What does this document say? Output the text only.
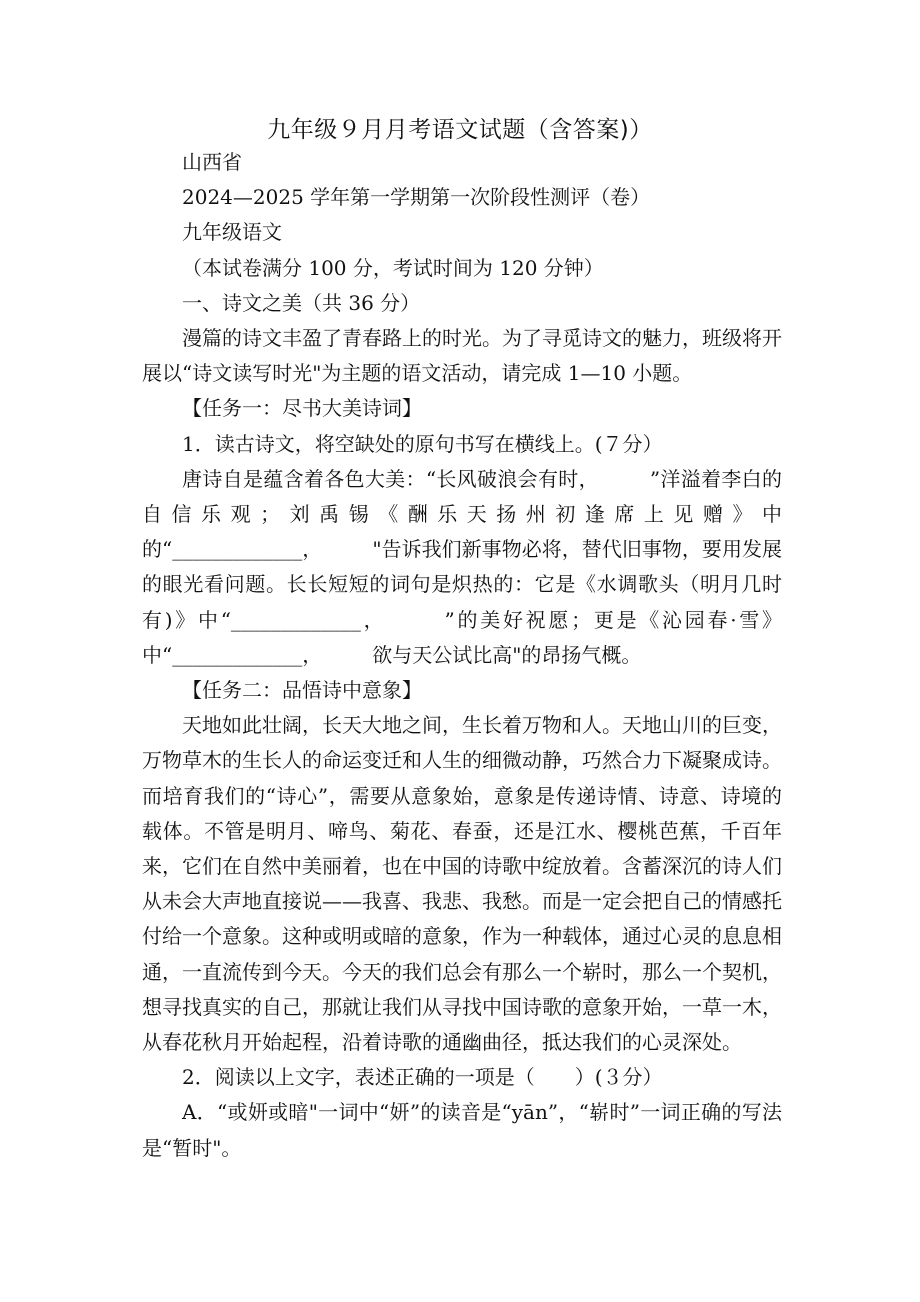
九年级９月月考语文试题（含答案)）

山西省

2024—2025 学年第一学期第一次阶段性测评（卷）

九年级语文

（本试卷满分 100 分，考试时间为 120 分钟）

一、诗文之美（共 36 分）

漫篇的诗文丰盈了青春路上的时光。为了寻觅诗文的魅力，班级将开展以“诗文读写时光"为主题的语文活动，请完成 1—10 小题。

【任务一：尽书大美诗词】

1．读古诗文，将空缺处的原句书写在横线上。(７分）

唐诗自是蕴含着各色大美：“长风破浪会有时，　　　”洋溢着李白的自信乐观；刘禹锡《酬乐天扬州初逢席上见赠》中的“_____________，　　　"告诉我们新事物必将，替代旧事物，要用发展的眼光看问题。长长短短的词句是炽热的：它是《水调歌头（明月几时有)》中“_____________，　　　”的美好祝愿；更是《沁园春·雪》中“_____________，　　　欲与天公试比高"的昂扬气概。

【任务二：品悟诗中意象】

天地如此壮阔，长天大地之间，生长着万物和人。天地山川的巨变，万物草木的生长人的命运变迁和人生的细微动静，巧然合力下凝聚成诗。而培育我们的“诗心”，需要从意象始，意象是传递诗情、诗意、诗境的载体。不管是明月、啼鸟、菊花、春蚕，还是江水、樱桃芭蕉，千百年来，它们在自然中美丽着，也在中国的诗歌中绽放着。含蓄深沉的诗人们从未会大声地直接说——我喜、我悲、我愁。而是一定会把自己的情感托付给一个意象。这种或明或暗的意象，作为一种载体，通过心灵的息息相通，一直流传到今天。今天的我们总会有那么一个崭时，那么一个契机，想寻找真实的自己，那就让我们从寻找中国诗歌的意象开始，一草一木，从春花秋月开始起程，沿着诗歌的通幽曲径，抵达我们的心灵深处。

2．阅读以上文字，表述正确的一项是（　　）(３分）

A．“或妍或暗"一词中“妍”的读音是“yān”，“崭时”一词正确的写法是“暂时"。
